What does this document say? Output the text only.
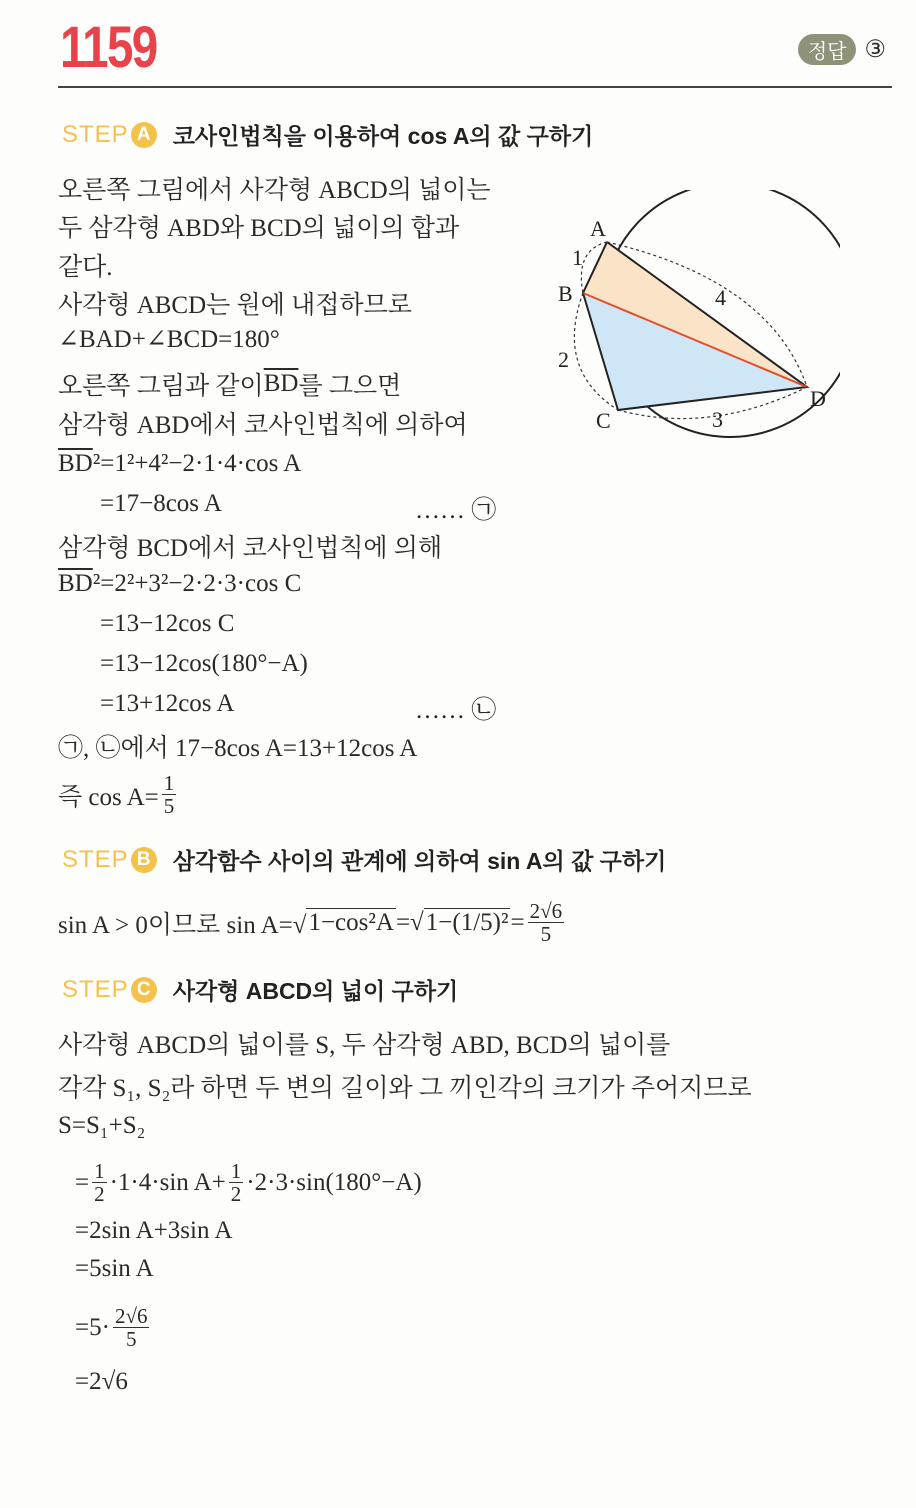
1159	정답 ③
STEP A 코사인법칙을 이용하여 cos A의 값 구하기
STEP B 삼각함수 사이의 관계에 의하여 sin A의 값 구하기
STEP C 사각형 ABCD의 넓이 구하기
오른쪽 그림에서 사각형 ABCD의 넓이는
두 삼각형 ABD와 BCD의 넓이의 합과
같다.
사각형 ABCD는 원에 내접하므로
∠BAD+∠BCD=180°
오른쪽 그림과 같이 $\overline{BD}$ 를 그으면
삼각형 ABD에서 코사인법칙에 의하여
$\overline{BD}$ ²=1²+4²−2·1·4·cos A
=17−8cos A
삼각형 BCD에서 코사인법칙에 의해
$\overline{BD}$ ²=2²+3²−2·2·3·cos C
=13−12cos C
=13−12cos(180°−A)
=13+12cos A
㉠, ㉡에서 17−8cos A=13+12cos A
즉 $\cos A= \frac{1}{5}$
sin A > 0이므로 sin A=√ 1−cos²A =√ $1-(1/5)^2 = \frac{2√6}{5}$
사각형 ABCD의 넓이를 S, 두 삼각형 ABD, BCD의 넓이를
각각 S₁, S₂라 하면 두 변의 길이와 그 끼인각의 크기가 주어지므로
S=S₁+S₂
= $\frac{1}{2} \cdot 1\cdot 4\cdot\sin$ $A+ \frac{1}{2} \cdot 2\cdot 3\cdot\sin(180^\circ-A)$
=2sin A+3sin A
=5sin A
$=5\cdot \frac{2√6}{5}$
=2√6
…… ㉠
…… ㉡
A
B
C
D
1
2
3
4
